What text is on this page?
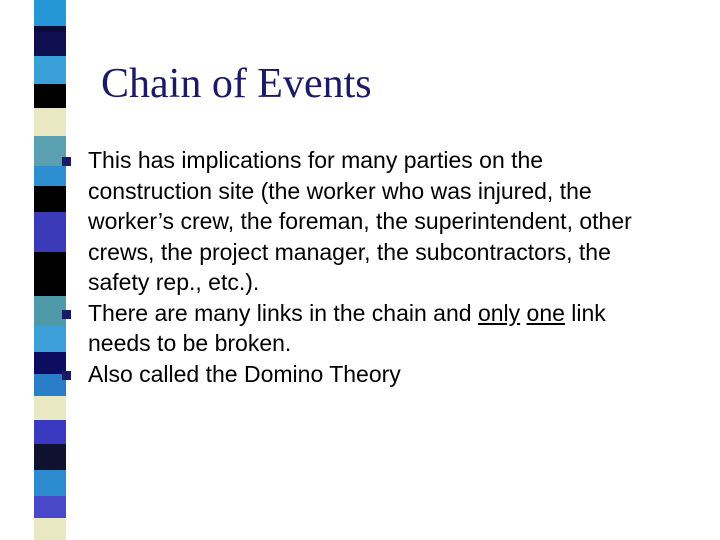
Chain of Events
This has implications for many parties on the construction site (the worker who was injured, the worker’s crew, the foreman, the superintendent, other crews, the project manager, the subcontractors, the safety rep., etc.).
There are many links in the chain and only one link needs to be broken.
Also called the Domino Theory
